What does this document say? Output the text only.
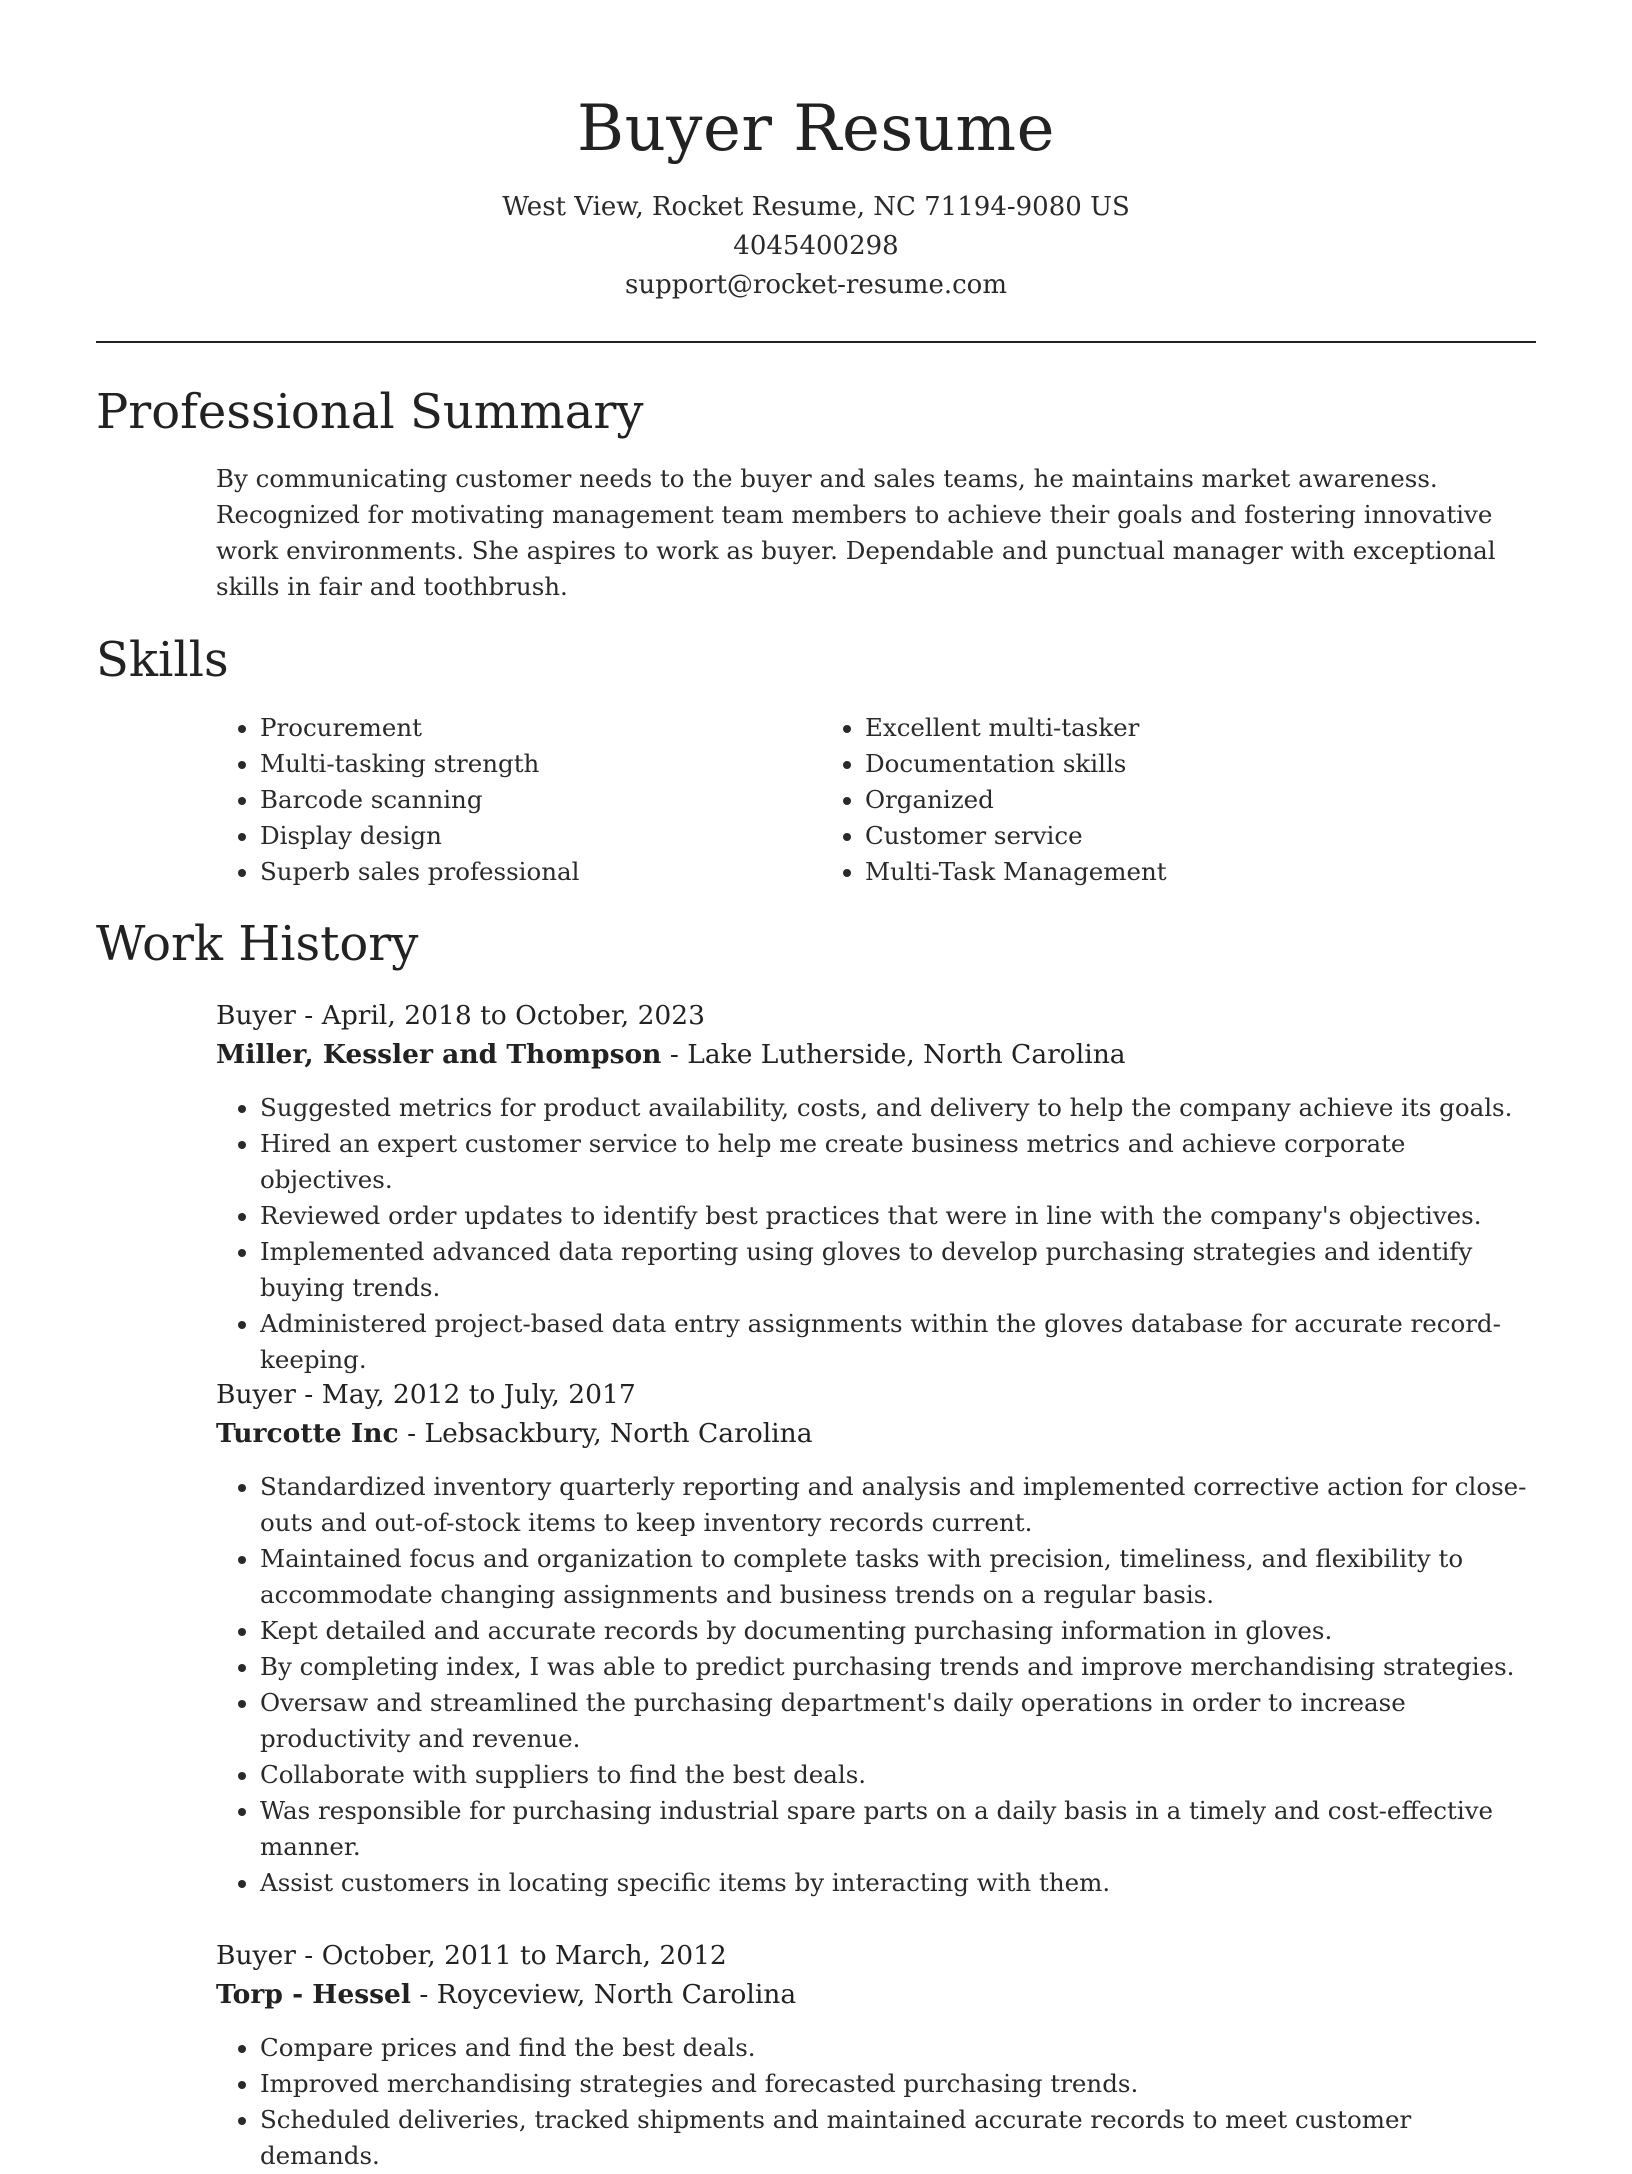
Buyer Resume
West View, Rocket Resume, NC 71194-9080 US
4045400298
support@rocket-resume.com
Professional Summary

By communicating customer needs to the buyer and sales teams, he maintains market awareness. Recognized for motivating management team members to achieve their goals and fostering innovative work environments. She aspires to work as buyer. Dependable and punctual manager with exceptional skills in fair and toothbrush.

Skills
• Procurement
• Multi-tasking strength
• Barcode scanning
• Display design
• Superb sales professional
• Excellent multi-tasker
• Documentation skills
• Organized
• Customer service
• Multi-Task Management
Work History
Buyer - April, 2018 to October, 2023
Miller, Kessler and Thompson - Lake Lutherside, North Carolina
• Suggested metrics for product availability, costs, and delivery to help the company achieve its goals.
• Hired an expert customer service to help me create business metrics and achieve corporate objectives.
• Reviewed order updates to identify best practices that were in line with the company's objectives.
• Implemented advanced data reporting using gloves to develop purchasing strategies and identify buying trends.
• Administered project-based data entry assignments within the gloves database for accurate record-keeping.
Buyer - May, 2012 to July, 2017
Turcotte Inc - Lebsackbury, North Carolina
• Standardized inventory quarterly reporting and analysis and implemented corrective action for close-outs and out-of-stock items to keep inventory records current.
• Maintained focus and organization to complete tasks with precision, timeliness, and flexibility to accommodate changing assignments and business trends on a regular basis.
• Kept detailed and accurate records by documenting purchasing information in gloves.
• By completing index, I was able to predict purchasing trends and improve merchandising strategies.
• Oversaw and streamlined the purchasing department's daily operations in order to increase productivity and revenue.
• Collaborate with suppliers to find the best deals.
• Was responsible for purchasing industrial spare parts on a daily basis in a timely and cost-effective manner.
• Assist customers in locating specific items by interacting with them.
Buyer - October, 2011 to March, 2012
Torp - Hessel - Royceview, North Carolina
• Compare prices and find the best deals.
• Improved merchandising strategies and forecasted purchasing trends.
• Scheduled deliveries, tracked shipments and maintained accurate records to meet customer demands.
